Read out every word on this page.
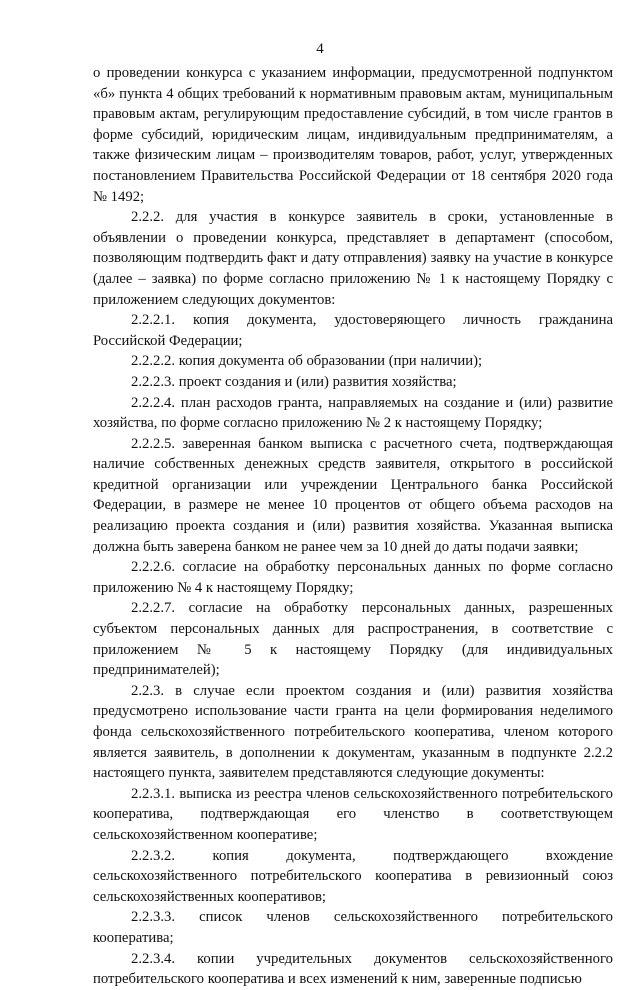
4

о проведении конкурса с указанием информации, предусмотренной подпунктом «б» пункта 4 общих требований к нормативным правовым актам, муниципальным правовым актам, регулирующим предоставление субсидий, в том числе грантов в форме субсидий, юридическим лицам, индивидуальным предпринимателям, а также физическим лицам – производителям товаров, работ, услуг, утвержденных постановлением Правительства Российской Федерации от 18 сентября 2020 года № 1492;

2.2.2. для участия в конкурсе заявитель в сроки, установленные в объявлении о проведении конкурса, представляет в департамент (способом, позволяющим подтвердить факт и дату отправления) заявку на участие в конкурсе (далее – заявка) по форме согласно приложению № 1 к настоящему Порядку с приложением следующих документов:

2.2.2.1. копия документа, удостоверяющего личность гражданина Российской Федерации;

2.2.2.2. копия документа об образовании (при наличии);

2.2.2.3. проект создания и (или) развития хозяйства;

2.2.2.4. план расходов гранта, направляемых на создание и (или) развитие хозяйства, по форме согласно приложению № 2 к настоящему Порядку;

2.2.2.5. заверенная банком выписка с расчетного счета, подтверждающая наличие собственных денежных средств заявителя, открытого в российской кредитной организации или учреждении Центрального банка Российской Федерации, в размере не менее 10 процентов от общего объема расходов на реализацию проекта создания и (или) развития хозяйства. Указанная выписка должна быть заверена банком не ранее чем за 10 дней до даты подачи заявки;

2.2.2.6. согласие на обработку персональных данных по форме согласно приложению № 4 к настоящему Порядку;

2.2.2.7. согласие на обработку персональных данных, разрешенных субъектом персональных данных для распространения, в соответствие с приложением № 5 к настоящему Порядку (для индивидуальных предпринимателей);

2.2.3. в случае если проектом создания и (или) развития хозяйства предусмотрено использование части гранта на цели формирования неделимого фонда сельскохозяйственного потребительского кооператива, членом которого является заявитель, в дополнении к документам, указанным в подпункте 2.2.2 настоящего пункта, заявителем представляются следующие документы:

2.2.3.1. выписка из реестра членов сельскохозяйственного потребительского кооператива, подтверждающая его членство в соответствующем сельскохозяйственном кооперативе;

2.2.3.2. копия документа, подтверждающего вхождение сельскохозяйственного потребительского кооператива в ревизионный союз сельскохозяйственных кооперативов;

2.2.3.3. список членов сельскохозяйственного потребительского кооператива;

2.2.3.4. копии учредительных документов сельскохозяйственного потребительского кооператива и всех изменений к ним, заверенные подписью
